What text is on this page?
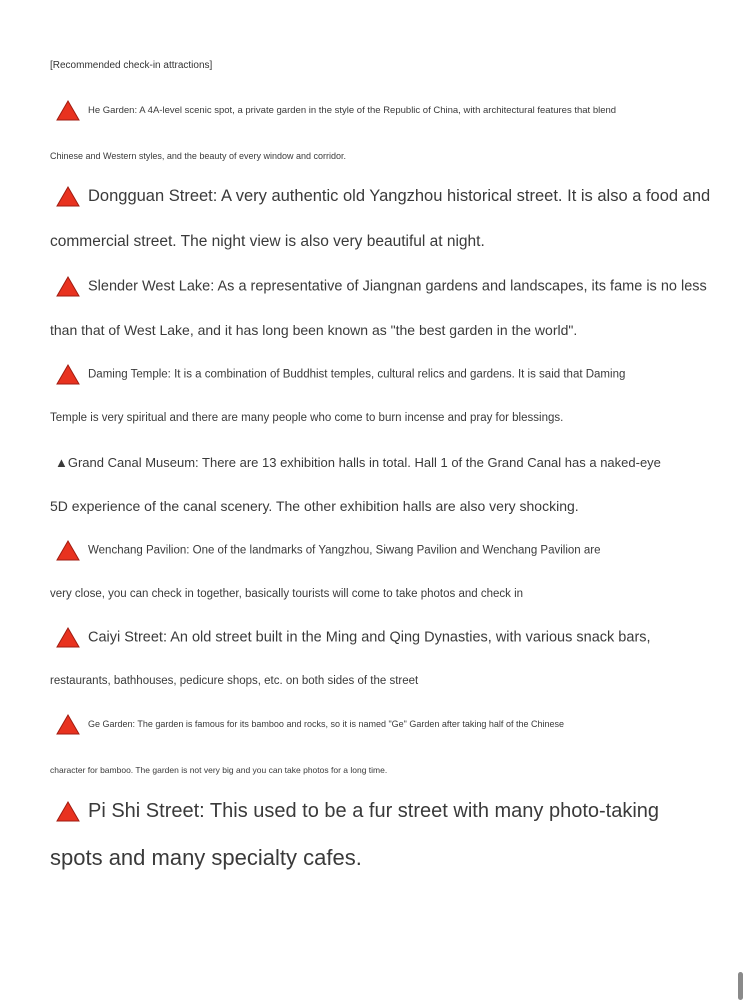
[Recommended check-in attractions]
He Garden: A 4A-level scenic spot, a private garden in the style of the Republic of China, with architectural features that blend
Chinese and Western styles, and the beauty of every window and corridor.
Dongguan Street: A very authentic old Yangzhou historical street. It is also a food and
commercial street. The night view is also very beautiful at night.
Slender West Lake: As a representative of Jiangnan gardens and landscapes, its fame is no less
than that of West Lake, and it has long been known as "the best garden in the world".
Daming Temple: It is a combination of Buddhist temples, cultural relics and gardens. It is said that Daming
Temple is very spiritual and there are many people who come to burn incense and pray for blessings.
▲Grand Canal Museum: There are 13 exhibition halls in total. Hall 1 of the Grand Canal has a naked-eye
5D experience of the canal scenery. The other exhibition halls are also very shocking.
Wenchang Pavilion: One of the landmarks of Yangzhou, Siwang Pavilion and Wenchang Pavilion are
very close, you can check in together, basically tourists will come to take photos and check in
Caiyi Street: An old street built in the Ming and Qing Dynasties, with various snack bars,
restaurants, bathhouses, pedicure shops, etc. on both sides of the street
Ge Garden: The garden is famous for its bamboo and rocks, so it is named "Ge" Garden after taking half of the Chinese
character for bamboo. The garden is not very big and you can take photos for a long time.
Pi Shi Street: This used to be a fur street with many photo-taking
spots and many specialty cafes.
